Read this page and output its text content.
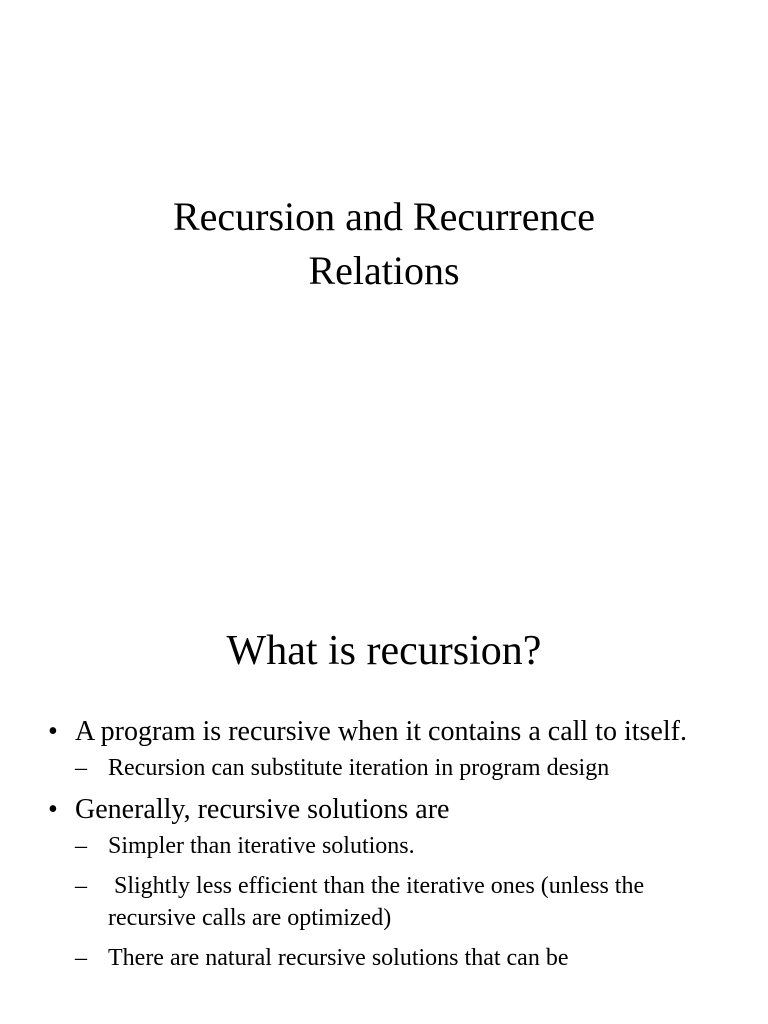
Recursion and Recurrence
Relations
What is recursion?
• A program is recursive when it contains a call to itself.
– Recursion can substitute iteration in program design
• Generally, recursive solutions are
– Simpler than iterative solutions.
– Slightly less efficient than the iterative ones (unless the recursive calls are optimized)
– There are natural recursive solutions that can be
